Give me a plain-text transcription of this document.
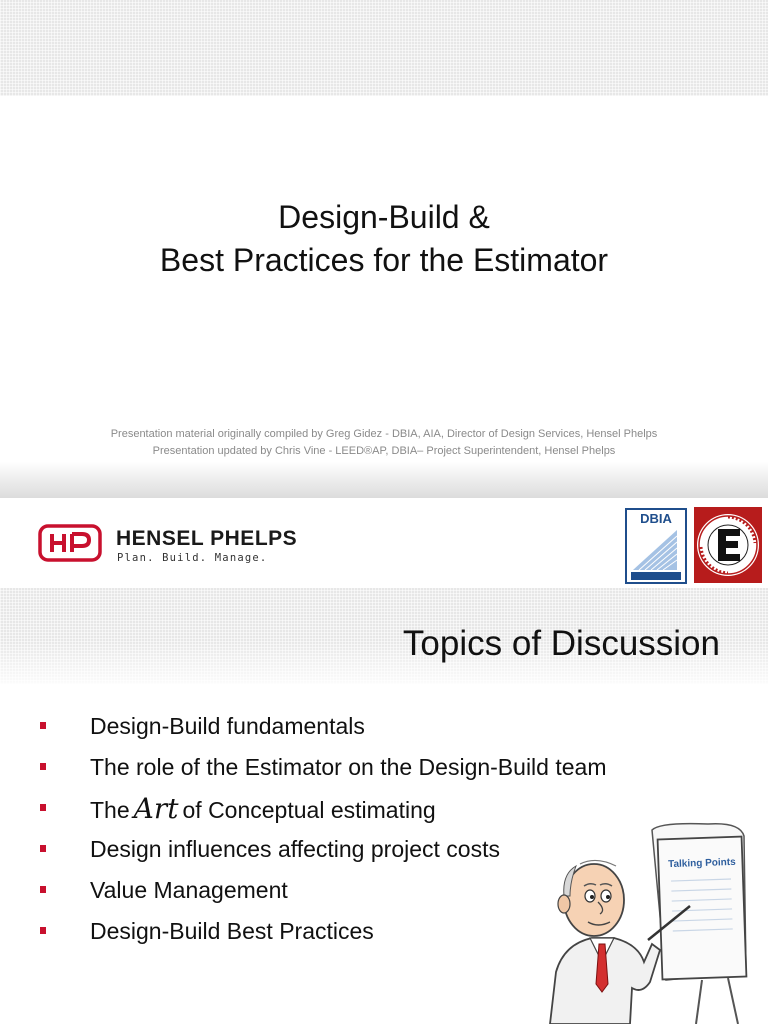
Design-Build &
Best Practices for the Estimator
Presentation material originally compiled by Greg Gidez - DBIA, AIA, Director of Design Services, Hensel Phelps
Presentation updated by Chris Vine - LEED®AP, DBIA– Project Superintendent, Hensel Phelps
HP HENSEL PHELPS
Plan. Build. Manage.
DBIA
Topics of Discussion
Design-Build fundamentals
The role of the Estimator on the Design-Build team
The Art of Conceptual estimating
Design influences affecting project costs
Value Management
Design-Build Best Practices
Talking Points
